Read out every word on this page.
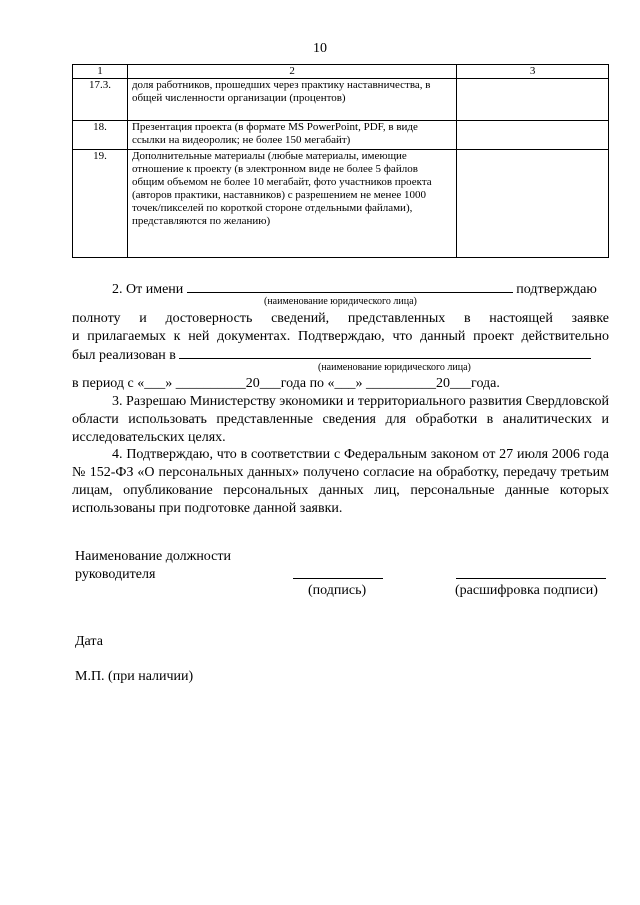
10
1	2	3
17.3.	доля работников, прошедших через практику наставничества, в общей численности организации (процентов)	
18.	Презентация проекта (в формате MS PowerPoint, PDF, в виде ссылки на видеоролик; не более 150 мегабайт)	
19.	Дополнительные материалы (любые материалы, имеющие отношение к проекту (в электронном виде не более 5 файлов общим объемом не более 10 мегабайт, фото участников проекта (авторов практики, наставников) с разрешением не менее 1000 точек/пикселей по короткой стороне отдельными файлами), представляются по желанию)	
2. От имени	подтверждаю
(наименование юридического лица)
полноту и достоверность сведений, представленных в настоящей заявке
и прилагаемых к ней документах. Подтверждаю, что данный проект действительно
был реализован в
(наименование юридического лица)
в период с «___» __________20___года по «___» __________20___года.
3. Разрешаю Министерству экономики и территориального развития Свердловской области использовать представленные сведения для обработки в аналитических и исследовательских целях.
4. Подтверждаю, что в соответствии с Федеральным законом от 27 июля 2006 года № 152-ФЗ «О персональных данных» получено согласие на обработку, передачу третьим лицам, опубликование персональных данных лиц, персональные данные которых использованы при подготовке данной заявки.
Наименование должности
руководителя
(подпись)	(расшифровка подписи)
Дата
М.П. (при наличии)
